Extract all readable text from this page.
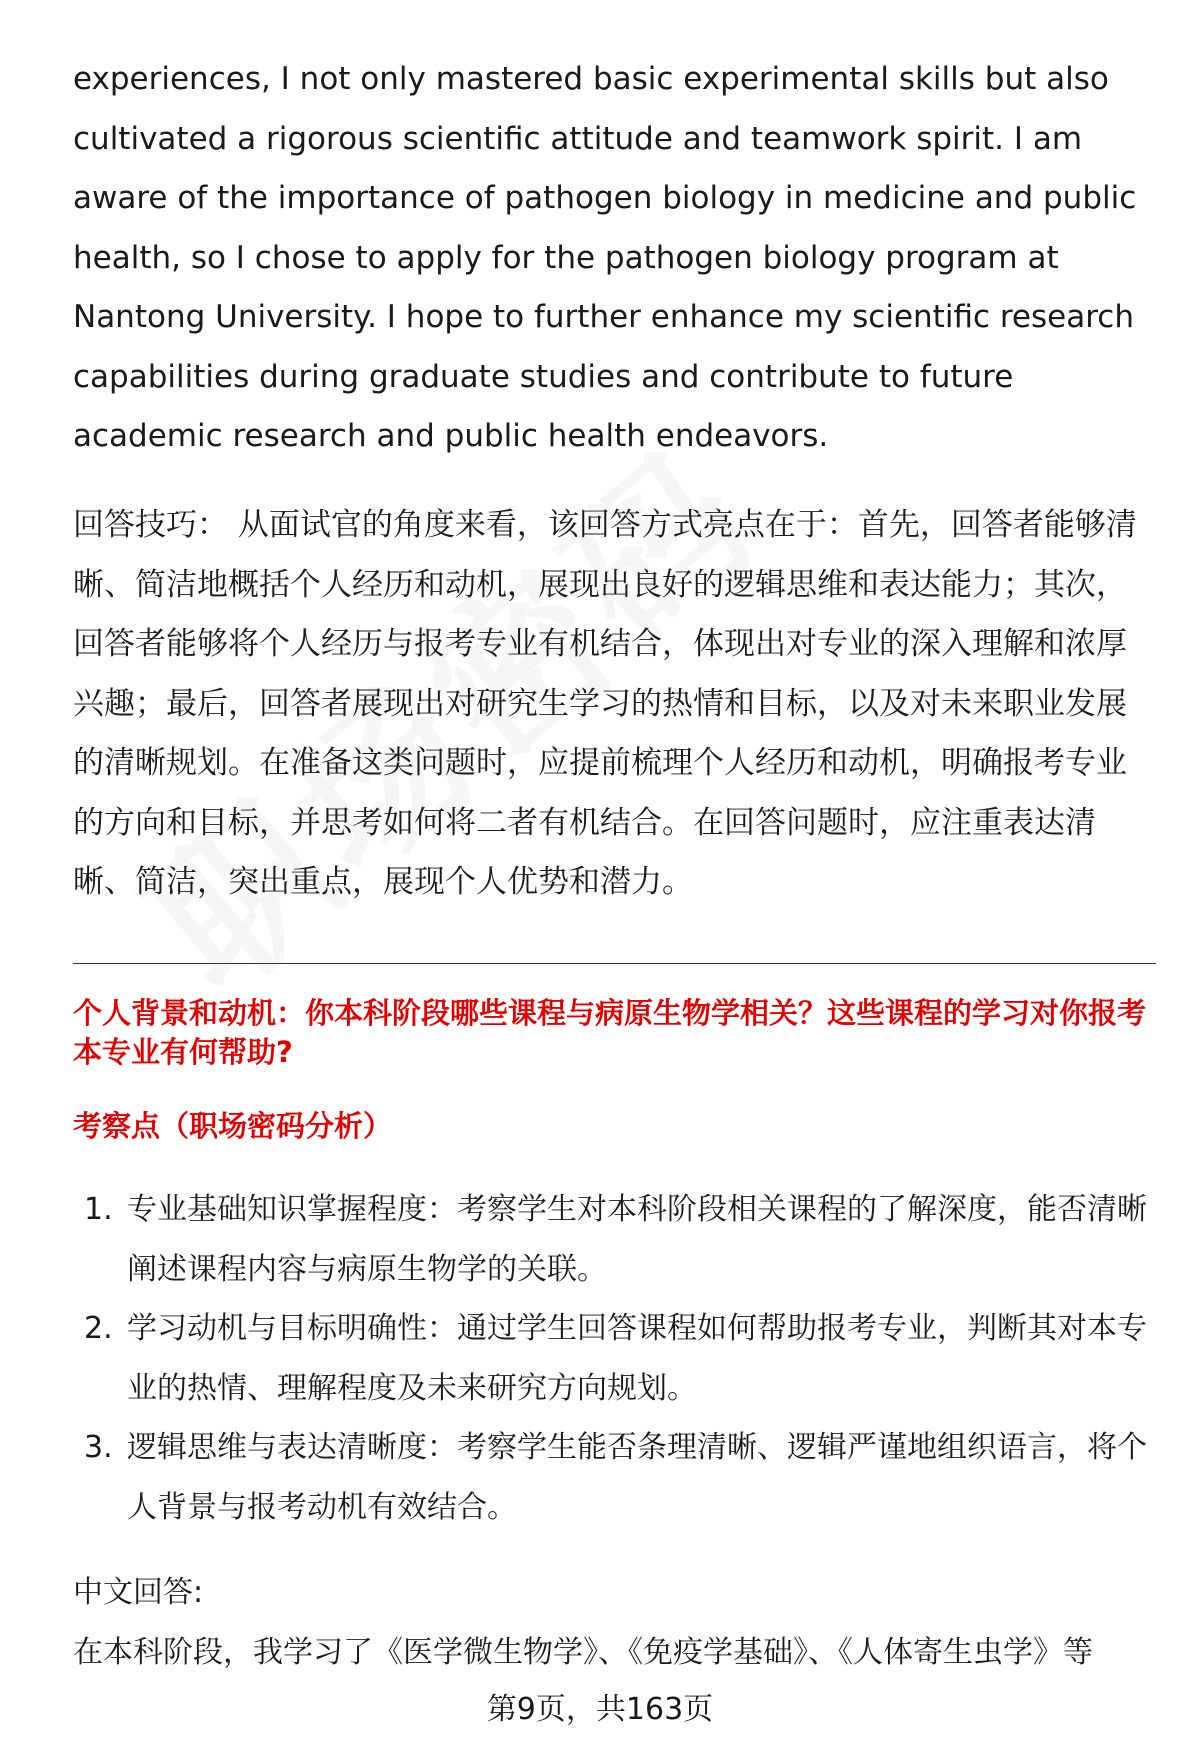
experiences, I not only mastered basic experimental skills but also cultivated a rigorous scientific attitude and teamwork spirit. I am aware of the importance of pathogen biology in medicine and public health, so I chose to apply for the pathogen biology program at Nantong University. I hope to further enhance my scientific research capabilities during graduate studies and contribute to future academic research and public health endeavors.

回答技巧： 从面试官的角度来看，该回答方式亮点在于：首先，回答者能够清晰、简洁地概括个人经历和动机，展现出良好的逻辑思维和表达能力；其次，回答者能够将个人经历与报考专业有机结合，体现出对专业的深入理解和浓厚兴趣；最后，回答者展现出对研究生学习的热情和目标，以及对未来职业发展的清晰规划。在准备这类问题时，应提前梳理个人经历和动机，明确报考专业的方向和目标，并思考如何将二者有机结合。在回答问题时，应注重表达清晰、简洁，突出重点，展现个人优势和潜力。

个人背景和动机：你本科阶段哪些课程与病原生物学相关？这些课程的学习对你报考本专业有何帮助?

考察点（职场密码分析）

1. 专业基础知识掌握程度：考察学生对本科阶段相关课程的了解深度，能否清晰阐述课程内容与病原生物学的关联。
2. 学习动机与目标明确性：通过学生回答课程如何帮助报考专业，判断其对本专业的热情、理解程度及未来研究方向规划。
3. 逻辑思维与表达清晰度：考察学生能否条理清晰、逻辑严谨地组织语言，将个人背景与报考动机有效结合。

中文回答:

在本科阶段，我学习了《医学微生物学》、《免疫学基础》、《人体寄生虫学》等

第9页，共163页
